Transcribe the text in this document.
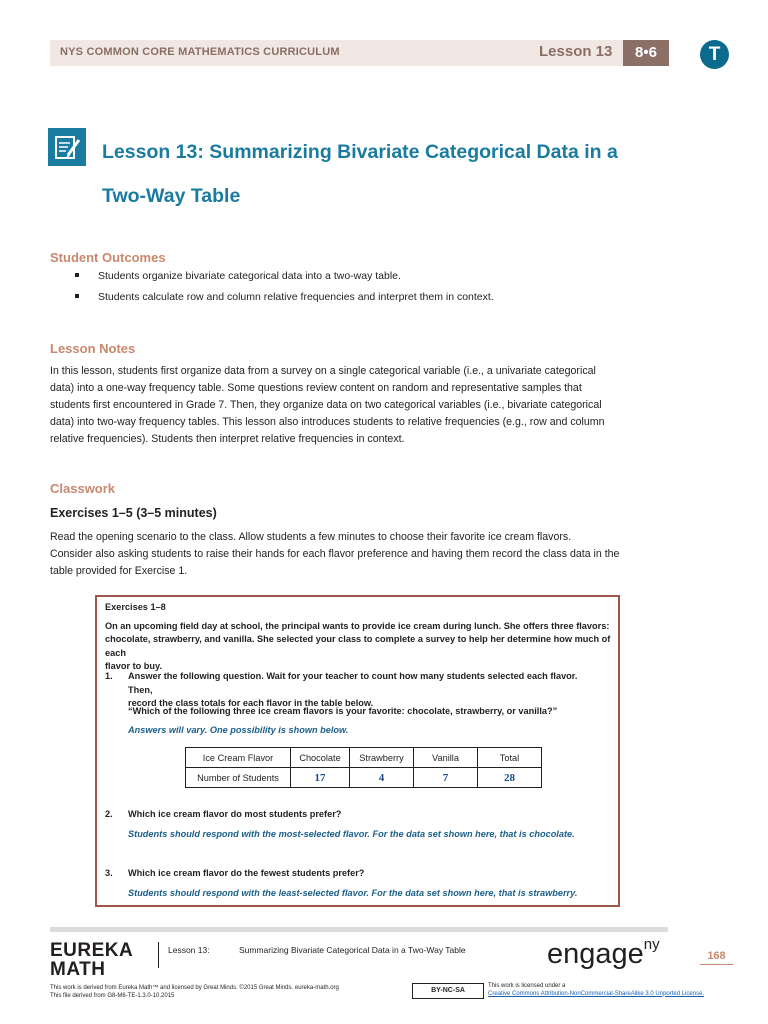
NYS COMMON CORE MATHEMATICS CURRICULUM	Lesson 13	8•6	T
Lesson 13: Summarizing Bivariate Categorical Data in a
Two-Way Table
Student Outcomes
Students organize bivariate categorical data into a two-way table.
Students calculate row and column relative frequencies and interpret them in context.
Lesson Notes
In this lesson, students first organize data from a survey on a single categorical variable (i.e., a univariate categorical
data) into a one-way frequency table. Some questions review content on random and representative samples that
students first encountered in Grade 7. Then, they organize data on two categorical variables (i.e., bivariate categorical
data) into two-way frequency tables. This lesson also introduces students to relative frequencies (e.g., row and column
relative frequencies). Students then interpret relative frequencies in context.
Classwork
Exercises 1–5 (3–5 minutes)
Read the opening scenario to the class. Allow students a few minutes to choose their favorite ice cream flavors.
Consider also asking students to raise their hands for each flavor preference and having them record the class data in the
table provided for Exercise 1.
Exercises 1–8
On an upcoming field day at school, the principal wants to provide ice cream during lunch. She offers three flavors:
chocolate, strawberry, and vanilla. She selected your class to complete a survey to help her determine how much of each
flavor to buy.
1. Answer the following question. Wait for your teacher to count how many students selected each flavor. Then,
record the class totals for each flavor in the table below.
“Which of the following three ice cream flavors is your favorite: chocolate, strawberry, or vanilla?”
Answers will vary. One possibility is shown below.
Ice Cream Flavor	Chocolate	Strawberry	Vanilla	Total
Number of Students	17	4	7	28
2. Which ice cream flavor do most students prefer?
Students should respond with the most-selected flavor. For the data set shown here, that is chocolate.
3. Which ice cream flavor do the fewest students prefer?
Students should respond with the least-selected flavor. For the data set shown here, that is strawberry.
EUREKA
MATH
Lesson 13:	Summarizing Bivariate Categorical Data in a Two-Way Table	engage$^{ny}$
168
This work is derived from Eureka Math™ and licensed by Great Minds. ©2015 Great Minds. eureka-math.org
This file derived from G8-M6-TE-1.3.0-10.2015
BY-NC-SA
This work is licensed under a
Creative Commons Attribution-NonCommercial-ShareAlike 3.0 Unported License.
